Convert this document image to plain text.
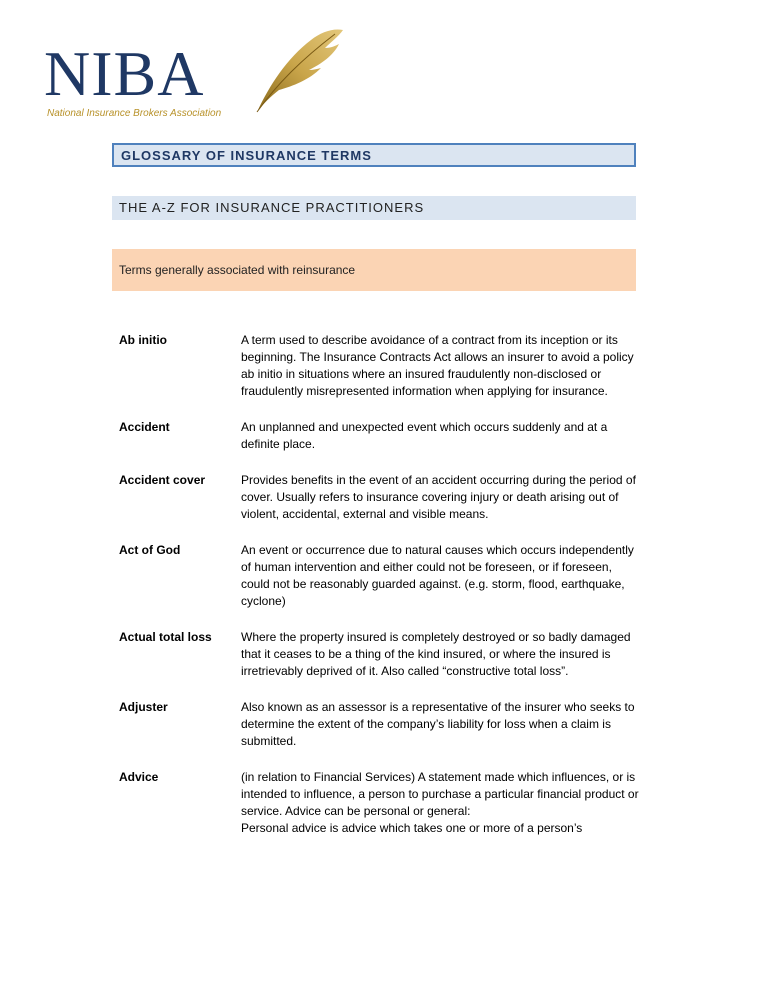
NIBA
National Insurance Brokers Association
GLOSSARY OF INSURANCE TERMS
THE A-Z FOR INSURANCE PRACTITIONERS
Terms generally associated with reinsurance
Ab initio	A term used to describe avoidance of a contract from its inception or its beginning. The Insurance Contracts Act allows an insurer to avoid a policy ab initio in situations where an insured fraudulently non-disclosed or fraudulently misrepresented information when applying for insurance.

Accident	An unplanned and unexpected event which occurs suddenly and at a definite place.

Accident cover	Provides benefits in the event of an accident occurring during the period of cover. Usually refers to insurance covering injury or death arising out of violent, accidental, external and visible means.

Act of God	An event or occurrence due to natural causes which occurs independently of human intervention and either could not be foreseen, or if foreseen, could not be reasonably guarded against. (e.g. storm, flood, earthquake, cyclone)

Actual total loss	Where the property insured is completely destroyed or so badly damaged that it ceases to be a thing of the kind insured, or where the insured is irretrievably deprived of it. Also called “constructive total loss”.

Adjuster	Also known as an assessor is a representative of the insurer who seeks to determine the extent of the company’s liability for loss when a claim is submitted.

Advice	(in relation to Financial Services) A statement made which influences, or is intended to influence, a person to purchase a particular financial product or service. Advice can be personal or general:

Personal advice is advice which takes one or more of a person’s
